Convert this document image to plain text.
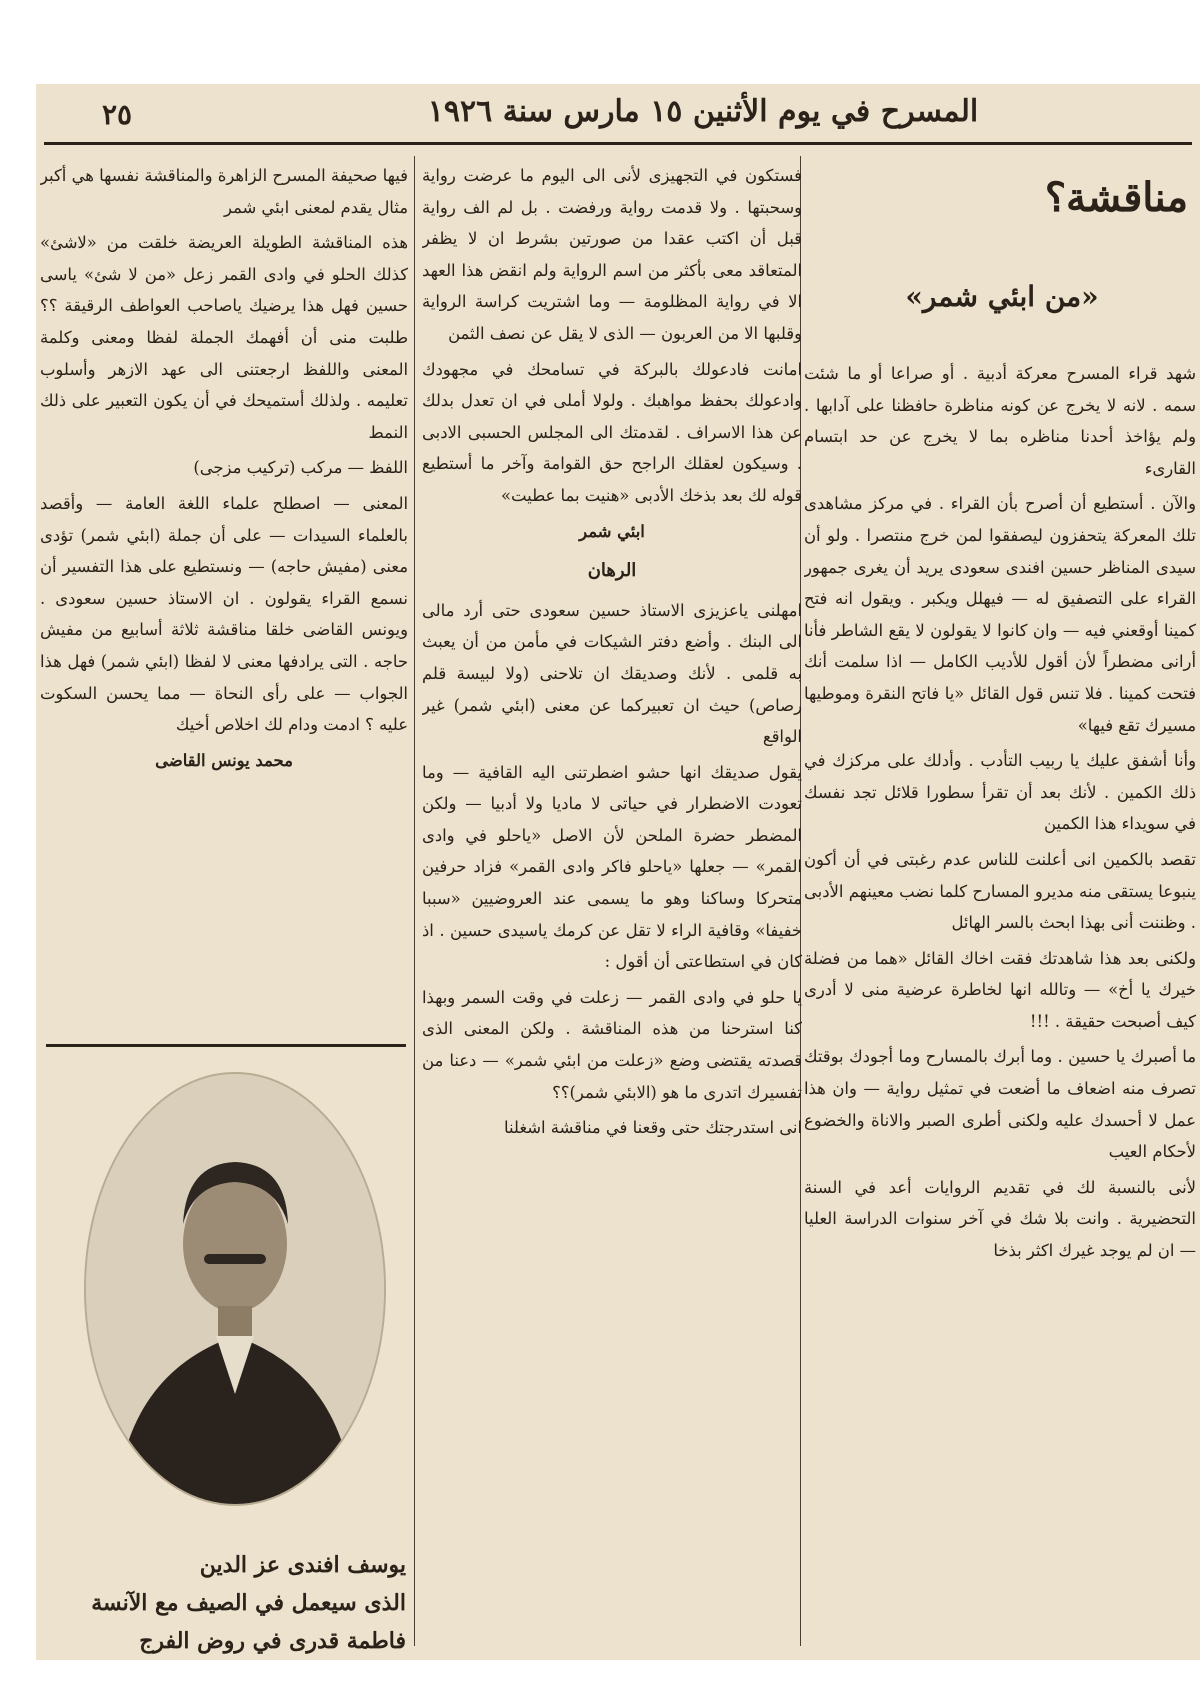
٢٥	المسرح في يوم الأثنين ١٥ مارس سنة ١٩٢٦
مناقشة؟
«من ابئي شمر»

شهد قراء المسرح معركة أدبية . أو صراعا أو ما شئت سمه . لانه لا يخرج عن كونه مناظرة حافظنا على آدابها . ولم يؤاخذ أحدنا مناظره بما لا يخرج عن حد ابتسام القارىء

والآن . أستطيع أن أصرح بأن القراء . في مركز مشاهدى تلك المعركة يتحفزون ليصفقوا لمن خرج منتصرا . ولو أن سيدى المناظر حسين افندى سعودى يريد أن يغرى جمهور القراء على التصفيق له — فيهلل ويكبر . ويقول انه فتح كمينا أوقعني فيه — وان كانوا لا يقولون لا يقع الشاطر فأنا أرانى مضطراً لأن أقول للأديب الكامل — اذا سلمت أنك فتحت كمينا . فلا تنس قول القائل «يا فاتح النقرة وموطيها مسيرك تقع فيها»

وأنا أشفق عليك يا ربيب التأدب . وأدلك على مركزك في ذلك الكمين . لأنك بعد أن تقرأ سطورا قلائل تجد نفسك في سويداء هذا الكمين

تقصد بالكمين انى أعلنت للناس عدم رغبتى في أن أكون ينبوعا يستقى منه مديرو المسارح كلما نضب معينهم الأدبى . وظننت أنى بهذا ابحث بالسر الهائل

ولكنى بعد هذا شاهدتك فقت اخاك القائل «هما من فضلة خيرك يا أخ» — وتالله انها لخاطرة عرضية منى لا أدرى كيف أصبحت حقيقة . !!!

ما أصبرك يا حسين . وما أبرك بالمسارح وما أجودك بوقتك تصرف منه اضعاف ما أضعت في تمثيل رواية — وان هذا عمل لا أحسدك عليه ولكنى أطرى الصبر والاناة والخضوع لأحكام العيب

لأنى بالنسبة لك في تقديم الروايات أعد في السنة التحضيرية . وانت بلا شك في آخر سنوات الدراسة العليا — ان لم يوجد غيرك اكثر بذخا

فستكون في التجهيزى لأنى الى اليوم ما عرضت رواية وسحبتها . ولا قدمت رواية ورفضت . بل لم الف رواية قبل أن اكتب عقدا من صورتين بشرط ان لا يظفر المتعاقد معى بأكثر من اسم الرواية ولم انقض هذا العهد الا في رواية المظلومة — وما اشتريت كراسة الرواية وقلبها الا من العربون — الذى لا يقل عن نصف الثمن

امانت فادعولك بالبركة في تسامحك في مجهودك وادعولك بحفظ مواهبك . ولولا أملى في ان تعدل بدلك عن هذا الاسراف . لقدمتك الى المجلس الحسبى الادبى . وسيكون لعقلك الراجح حق القوامة وآخر ما أستطيع قوله لك بعد بذخك الأدبى «هنيت بما عطيت»

ابئي شمر
الرهان

امهلنى ياعزيزى الاستاذ حسين سعودى حتى أرد مالى الى البنك . وأضع دفتر الشيكات في مأمن من أن يعبث به قلمى . لأنك وصديقك ان تلاحنى (ولا لبيسة قلم رصاص) حيث ان تعبيركما عن معنى (ابئي شمر) غير الواقع

يقول صديقك انها حشو اضطرتنى اليه القافية — وما تعودت الاضطرار في حياتى لا ماديا ولا أدبيا — ولكن المضطر حضرة الملحن لأن الاصل «ياحلو في وادى القمر» — جعلها «ياحلو فاكر وادى القمر» فزاد حرفين متحركا وساكنا وهو ما يسمى عند العروضيين «سببا خفيفا» وقافية الراء لا تقل عن كرمك ياسيدى حسين . اذ كان في استطاعتى أن أقول :

يا حلو في وادى القمر — زعلت في وقت السمر وبهذا كنا استرحنا من هذه المناقشة . ولكن المعنى الذى قصدته يقتضى وضع «زعلت من ابئي شمر» — دعنا من تفسيرك اتدرى ما هو (الابئي شمر)؟؟

انى استدرجتك حتى وقعنا في مناقشة اشغلنا

فيها صحيفة المسرح الزاهرة والمناقشة نفسها هي أكبر مثال يقدم لمعنى ابئي شمر

هذه المناقشة الطويلة العريضة خلقت من «لاشئ» كذلك الحلو في وادى القمر زعل «من لا شئ» ياسى حسين فهل هذا يرضيك ياصاحب العواطف الرقيقة ؟؟ طلبت منى أن أفهمك الجملة لفظا ومعنى وكلمة المعنى واللفظ ارجعتنى الى عهد الازهر وأسلوب تعليمه . ولذلك أستميحك في أن يكون التعبير على ذلك النمط

اللفظ — مركب (تركيب مزجى)

المعنى — اصطلح علماء اللغة العامة — وأقصد بالعلماء السيدات — على أن جملة (ابئي شمر) تؤدى معنى (مفيش حاجه) — ونستطيع على هذا التفسير أن نسمع القراء يقولون . ان الاستاذ حسين سعودى . ويونس القاضى خلقا مناقشة ثلاثة أسابيع من مفيش حاجه . التى يرادفها معنى لا لفظا (ابئي شمر) فهل هذا الجواب — على رأى النحاة — مما يحسن السكوت عليه ؟ ادمت ودام لك اخلاص أخيك

محمد يونس القاضى
يوسف افندى عز الدين
الذى سيعمل في الصيف مع الآنسة
فاطمة قدرى في روض الفرج
